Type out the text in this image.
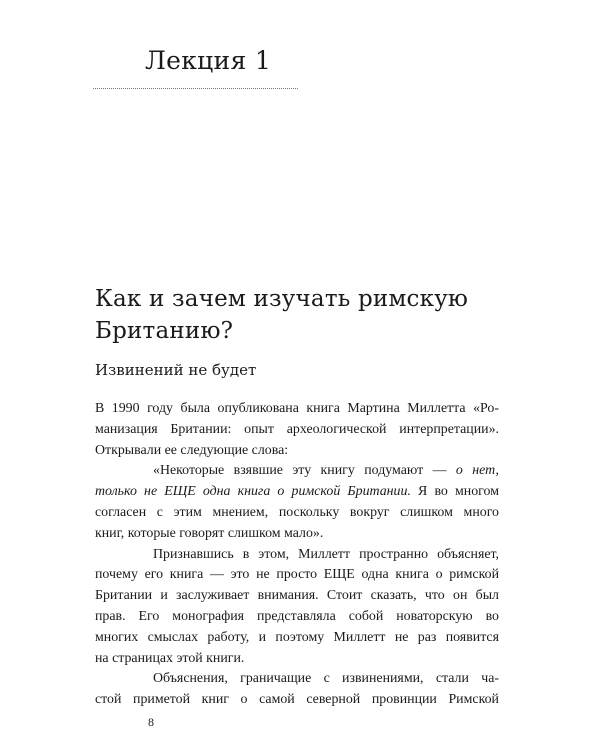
Лекция 1
Как и зачем изучать римскую
Британию?
Извинений не будет
В 1990 году была опубликована книга Мартина Миллетта «Ро-
манизация Британии: опыт археологической интерпретации».
Открывали ее следующие слова:
«Некоторые взявшие эту книгу подумают — о нет,
только не ЕЩЕ одна книга о римской Британии. Я во многом
согласен с этим мнением, поскольку вокруг слишком много
книг, которые говорят слишком мало».
Признавшись в этом, Миллетт пространно объясняет,
почему его книга — это не просто ЕЩЕ одна книга о римской
Британии и заслуживает внимания. Стоит сказать, что он был
прав. Его монография представляла собой новаторскую во
многих смыслах работу, и поэтому Миллетт не раз появится
на страницах этой книги.
Объяснения, граничащие с извинениями, стали ча-
стой приметой книг о самой северной провинции Римской
8
